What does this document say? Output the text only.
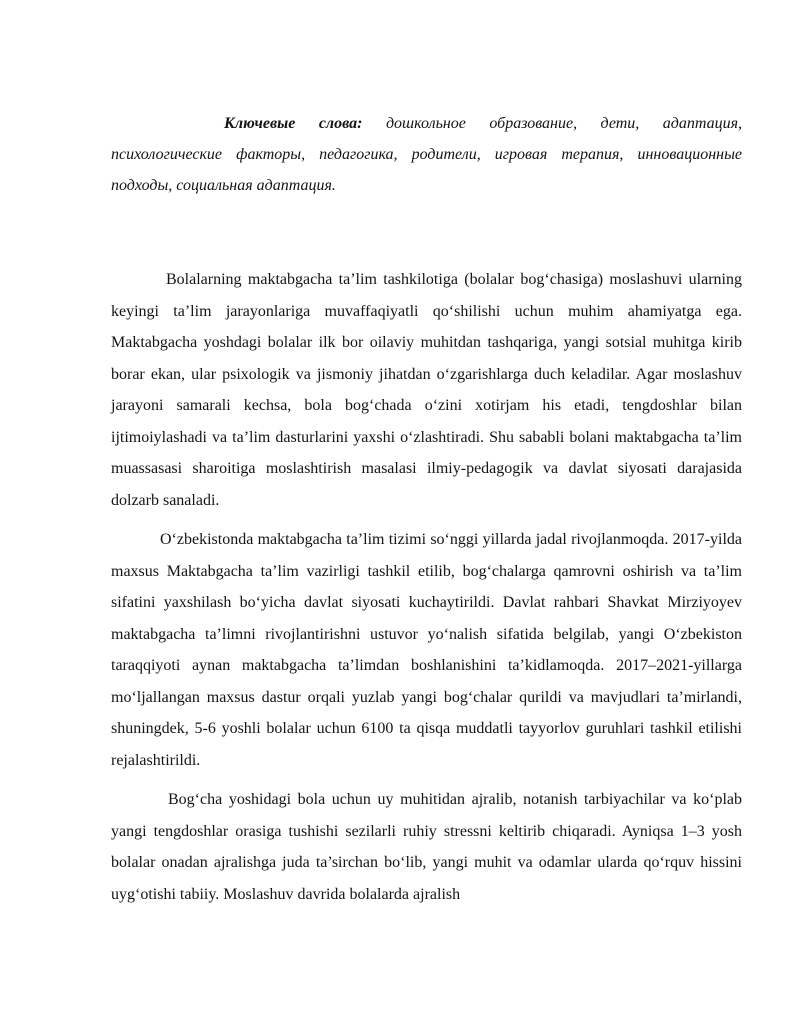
Ключевые слова: дошкольное образование, дети, адаптация, психологические факторы, педагогика, родители, игровая терапия, инновационные подходы, социальная адаптация.

Bolalarning maktabgacha ta’lim tashkilotiga (bolalar bog‘chasiga) moslashuvi ularning keyingi ta’lim jarayonlariga muvaffaqiyatli qo‘shilishi uchun muhim ahamiyatga ega. Maktabgacha yoshdagi bolalar ilk bor oilaviy muhitdan tashqariga, yangi sotsial muhitga kirib borar ekan, ular psixologik va jismoniy jihatdan o‘zgarishlarga duch keladilar. Agar moslashuv jarayoni samarali kechsa, bola bog‘chada o‘zini xotirjam his etadi, tengdoshlar bilan ijtimoiylashadi va ta’lim dasturlarini yaxshi o‘zlashtiradi. Shu sababli bolani maktabgacha ta’lim muassasasi sharoitiga moslashtirish masalasi ilmiy-pedagogik va davlat siyosati darajasida dolzarb sanaladi.

O‘zbekistonda maktabgacha ta’lim tizimi so‘nggi yillarda jadal rivojlanmoqda. 2017-yilda maxsus Maktabgacha ta’lim vazirligi tashkil etilib, bog‘chalarga qamrovni oshirish va ta’lim sifatini yaxshilash bo‘yicha davlat siyosati kuchaytirildi. Davlat rahbari Shavkat Mirziyoyev maktabgacha ta’limni rivojlantirishni ustuvor yo‘nalish sifatida belgilab, yangi O‘zbekiston taraqqiyoti aynan maktabgacha ta’limdan boshlanishini ta’kidlamoqda. 2017–2021-yillarga mo‘ljallangan maxsus dastur orqali yuzlab yangi bog‘chalar qurildi va mavjudlari ta’mirlandi, shuningdek, 5-6 yoshli bolalar uchun 6100 ta qisqa muddatli tayyorlov guruhlari tashkil etilishi rejalashtirildi.

Bog‘cha yoshidagi bola uchun uy muhitidan ajralib, notanish tarbiyachilar va ko‘plab yangi tengdoshlar orasiga tushishi sezilarli ruhiy stressni keltirib chiqaradi. Ayniqsa 1–3 yosh bolalar onadan ajralishga juda ta’sirchan bo‘lib, yangi muhit va odamlar ularda qo‘rquv hissini uyg‘otishi tabiiy. Moslashuv davrida bolalarda ajralish
